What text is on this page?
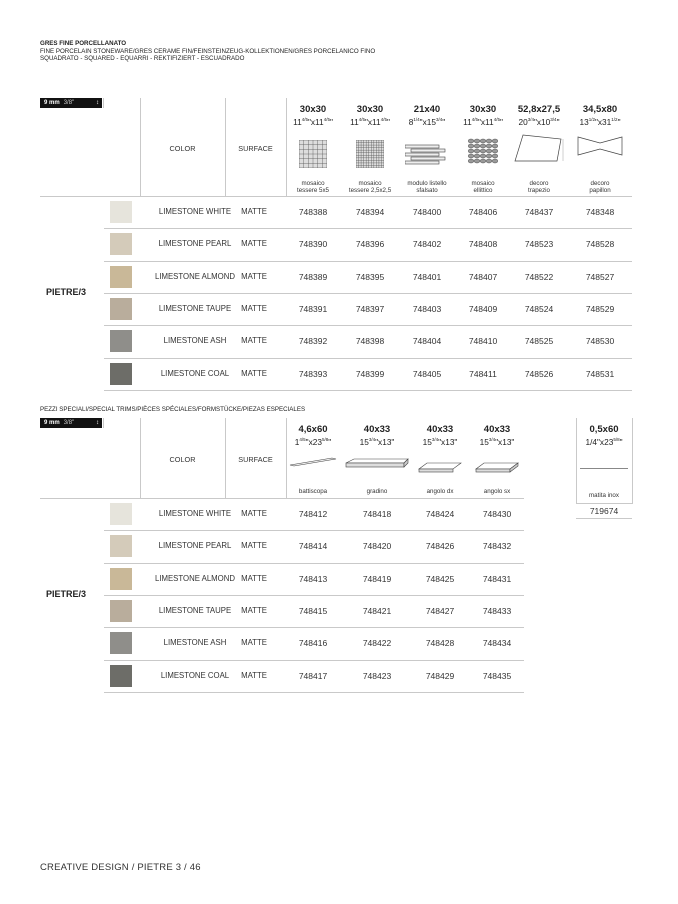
GRES FINE PORCELLANATO
FINE PORCELAIN STONEWARE/GRES CERAME FIN/FEINSTEINZEUG-KOLLEKTIONEN/GRES PORCELANICO FINO
SQUADRATO - SQUARED - EQUARRI - REKTIFIZIERT - ESCUADRADO
9 mm 3/8"	↕
COLOR	SURFACE
30x30
$11^{4/5}"x11^{4/5}$"
mosaico
tessere 5x5
30x30
$11^{4/5}"x11^{4/5}$"
mosaico
tessere 2,5x2,5
21x40
$8^{1/4}"x15^{3/4}$"
modulo listello
sfalsato
30x30
$11^{4/5}"x11^{4/5}$"
mosaico
ellittico
52,8x27,5
$20^{3/4}"x10^{3/4}$"
decoro
trapezio
34,5x80
$13^{1/2}"x31^{1/2}$"
decoro
papillon
PIETRE/3
LIMESTONE WHITE	MATTE	748388	748394	748400	748406	748437	748348
LIMESTONE PEARL	MATTE	748390	748396	748402	748408	748523	748528
LIMESTONE ALMOND MATTE	748389	748395	748401	748407	748522	748527
LIMESTONE TAUPE	MATTE	748391	748397	748403	748409	748524	748529
LIMESTONE ASH	MATTE	748392	748398	748404	748410	748525	748530
LIMESTONE COAL	MATTE	748393	748399	748405	748411	748526	748531
PEZZI SPECIALI/SPECIAL TRIMS/PIÈCES SPÉCIALES/FORMSTÜCKE/PIEZAS ESPECIALES
9 mm 3/8"	↕
COLOR	SURFACE
4,6x60
$1^{4/5}"x23^{5/8}$"
battiscopa
40x33
$15^{3/4}"x13$"
gradino
40x33
$15^{3/4}"x13$"
angolo dx
40x33
$15^{3/4}"x13$"
angolo sx
0,5x60
$1/4"x23^{5/8}$"
matita inox
719674
PIETRE/3
LIMESTONE WHITE	MATTE	748412	748418	748424	748430
LIMESTONE PEARL	MATTE	748414	748420	748426	748432
LIMESTONE ALMOND MATTE	748413	748419	748425	748431
LIMESTONE TAUPE	MATTE	748415	748421	748427	748433
LIMESTONE ASH	MATTE	748416	748422	748428	748434
LIMESTONE COAL	MATTE	748417	748423	748429	748435
CREATIVE DESIGN / PIETRE 3 / 46
